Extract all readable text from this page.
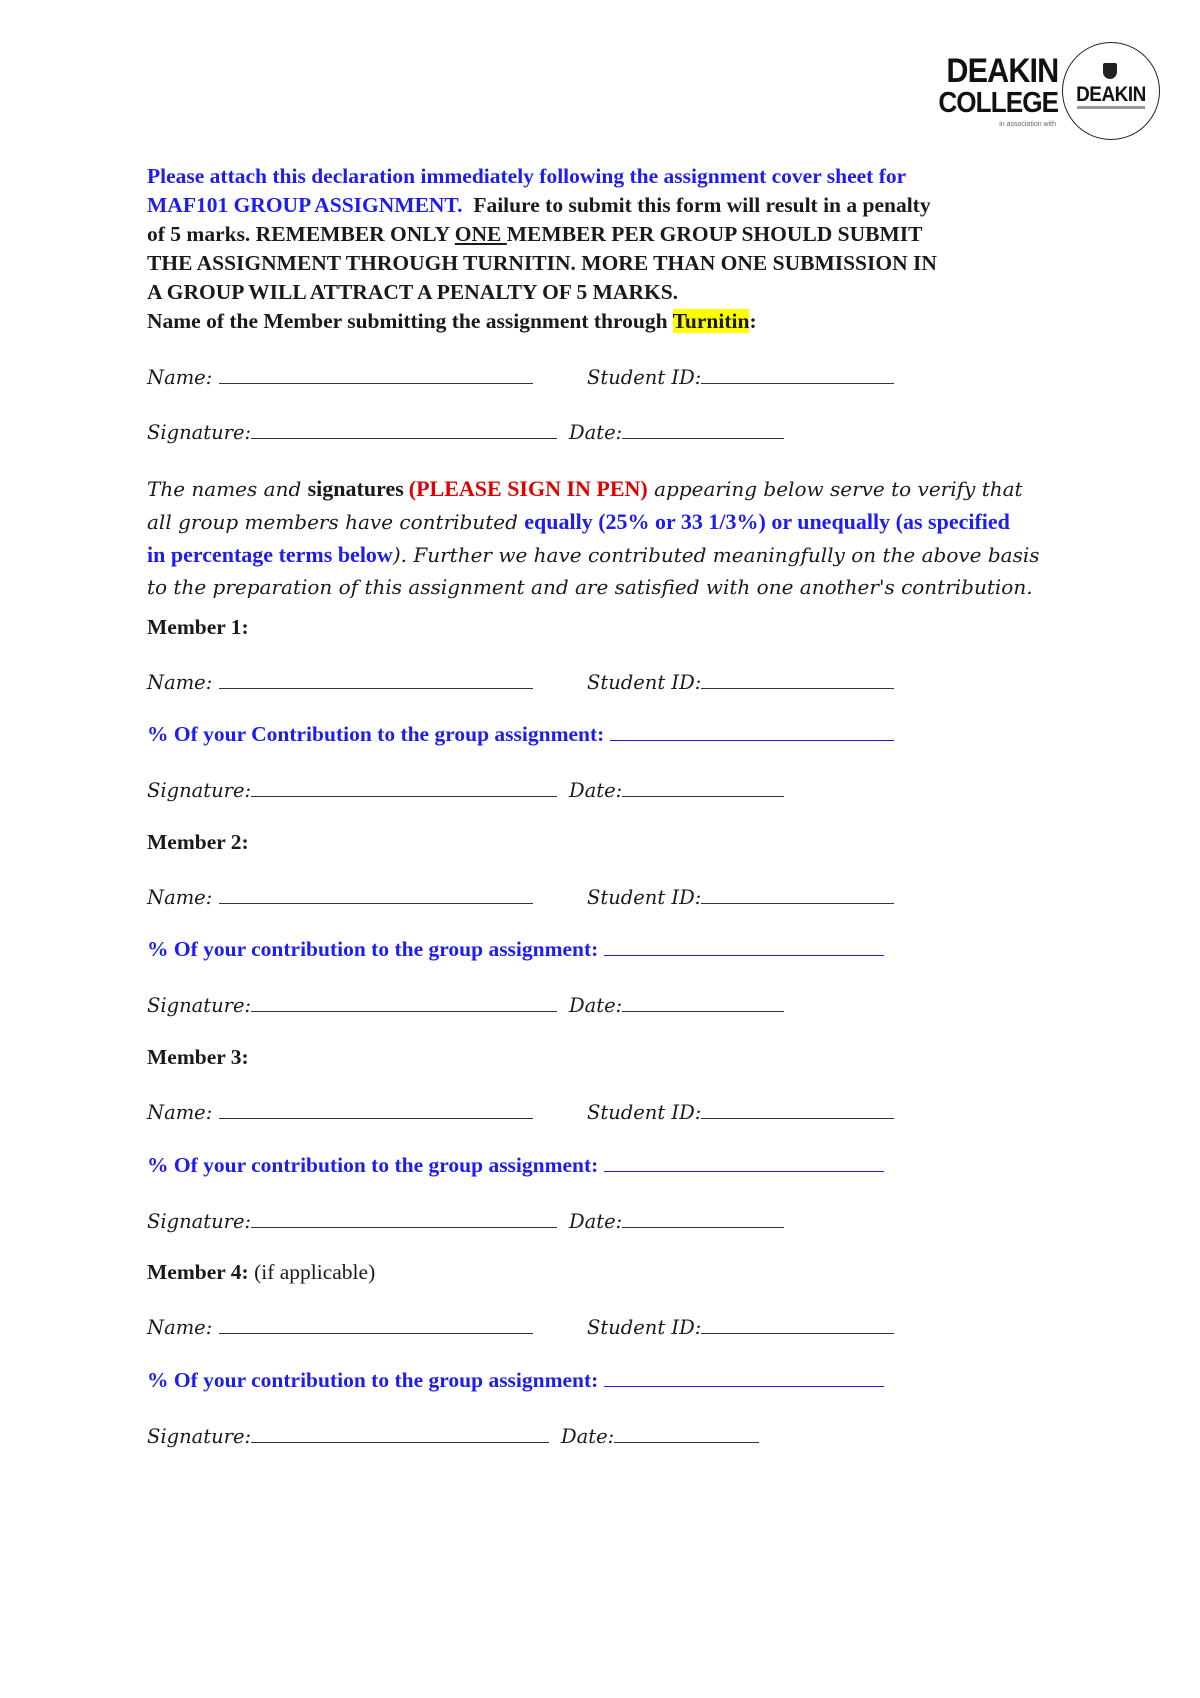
DEAKIN
COLLEGE
in association with
DEAKIN
Please attach this declaration immediately following the assignment cover sheet for
MAF101 GROUP ASSIGNMENT. Failure to submit this form will result in a penalty
of 5 marks. REMEMBER ONLY ONE MEMBER PER GROUP SHOULD SUBMIT
THE ASSIGNMENT THROUGH TURNITIN. MORE THAN ONE SUBMISSION IN
A GROUP WILL ATTRACT A PENALTY OF 5 MARKS.
Name of the Member submitting the assignment through Turnitin:
Name:	Student ID:
Signature:	Date:
The names and signatures (PLEASE SIGN IN PEN) appearing below serve to verify that
all group members have contributed equally (25% or 33 1/3%) or unequally (as specified
in percentage terms below). Further we have contributed meaningfully on the above basis
to the preparation of this assignment and are satisfied with one another's contribution.
Member 1:
Name:	Student ID:
% Of your Contribution to the group assignment:
Signature:	Date:
Member 2:
Name:	Student ID:
% Of your contribution to the group assignment:
Signature:	Date:
Member 3:
Name:	Student ID:
% Of your contribution to the group assignment:
Signature:	Date:
Member 4: (if applicable)
Name:	Student ID:
% Of your contribution to the group assignment:
Signature:	Date:
